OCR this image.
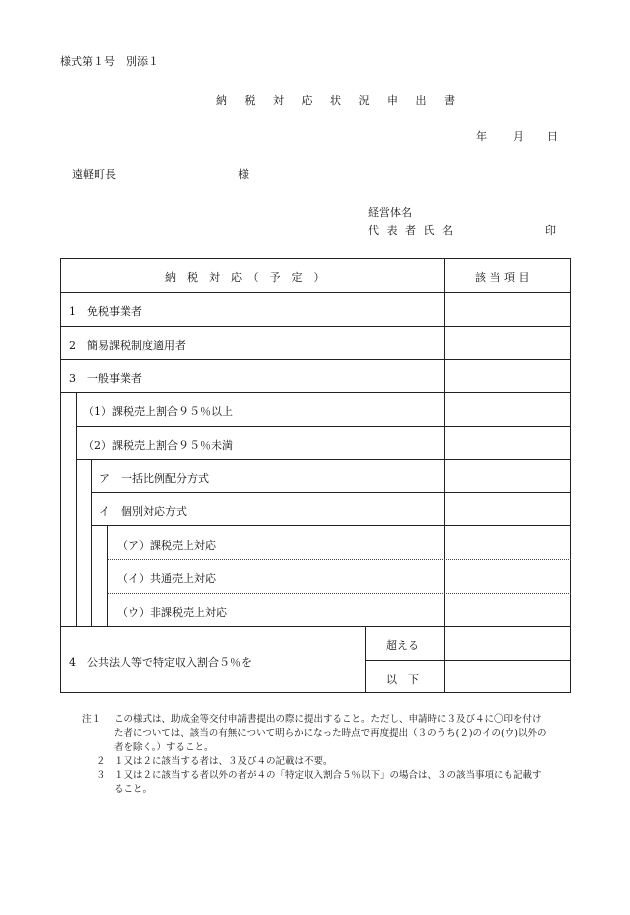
様式第１号　別添１
納 税 対 応 状 況 申 出 書
年 月 日
遠軽町長	様
経営体名
代 表 者 氏 名	印
納　税　対　応　（　予　定　）	該 当 項 目
1　免税事業者
2　簡易課税制度適用者
3　一般事業者
（1）課税売上割合９５％以上
（2）課税売上割合９５％未満
ア　一括比例配分方式
イ　個別対応方式
（ア）課税売上対応
（イ）共通売上対応
（ウ）非課税売上対応
4　公共法人等で特定収入割合５％を
超える
以　下
注１	この様式は、助成金等交付申請書提出の際に提出すること。ただし、申請時に３及び４に〇印を付け
た者については、該当の有無について明らかになった時点で再度提出（３のうち(２)のイの(ウ)以外の
者を除く。）すること。
２ １又は２に該当する者は、３及び４の記載は不要。
３ １又は２に該当する者以外の者が４の「特定収入割合５％以下」の場合は、３の該当事項にも記載す
ること。
